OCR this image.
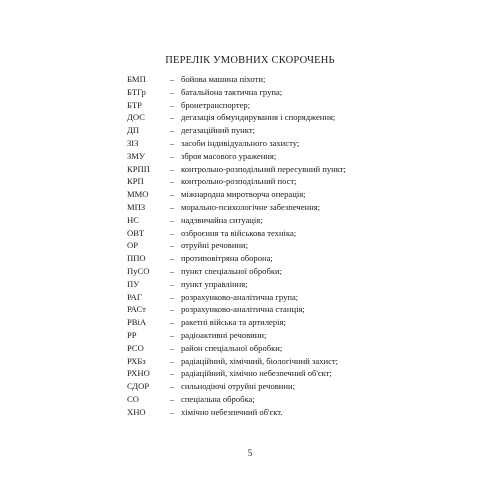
ПЕРЕЛІК УМОВНИХ СКОРОЧЕНЬ
БМП	– бойова машина піхоти;
БТГр	– батальйона тактична група;
БТР	– бронетранспортер;
ДОС	– дегазація обмундирування і спорядження;
ДП	– дегазаційний пункт;
ЗІЗ	– засоби індивідуального захисту;
ЗМУ	– зброя масового ураження;
КРПП	– контрольно-розподільний пересувний пункт;
КРП	– контрольно-розподільний пост;
ММО	– міжнародна миротворча операція;
МПЗ	– морально-психологічне забезпечення;
НС	– надзвичайна ситуація;
ОВТ	– озброєння та військова техніка;
ОР	– отруйні речовини;
ППО	– протиповітряна оборона;
ПуСО	– пункт спеціальної обробки;
ПУ	– пункт управління;
РАГ	– розрахунково-аналітична група;
РАСт	– розрахунково-аналітична станція;
РВіА	– ракетні війська та артилерія;
РР	– радіоактивні речовини;
РСО	– район спеціальної обробки;
РХБз	– радіаційний, хімічний, біологічний захист;
РХНО	– радіаційний, хімічно небезпечний об'єкт;
СДОР	– сильнодіючі отруйні речовини;
СО	– спеціальна обробка;
ХНО	– хімічно небезпечний об'єкт.
5
